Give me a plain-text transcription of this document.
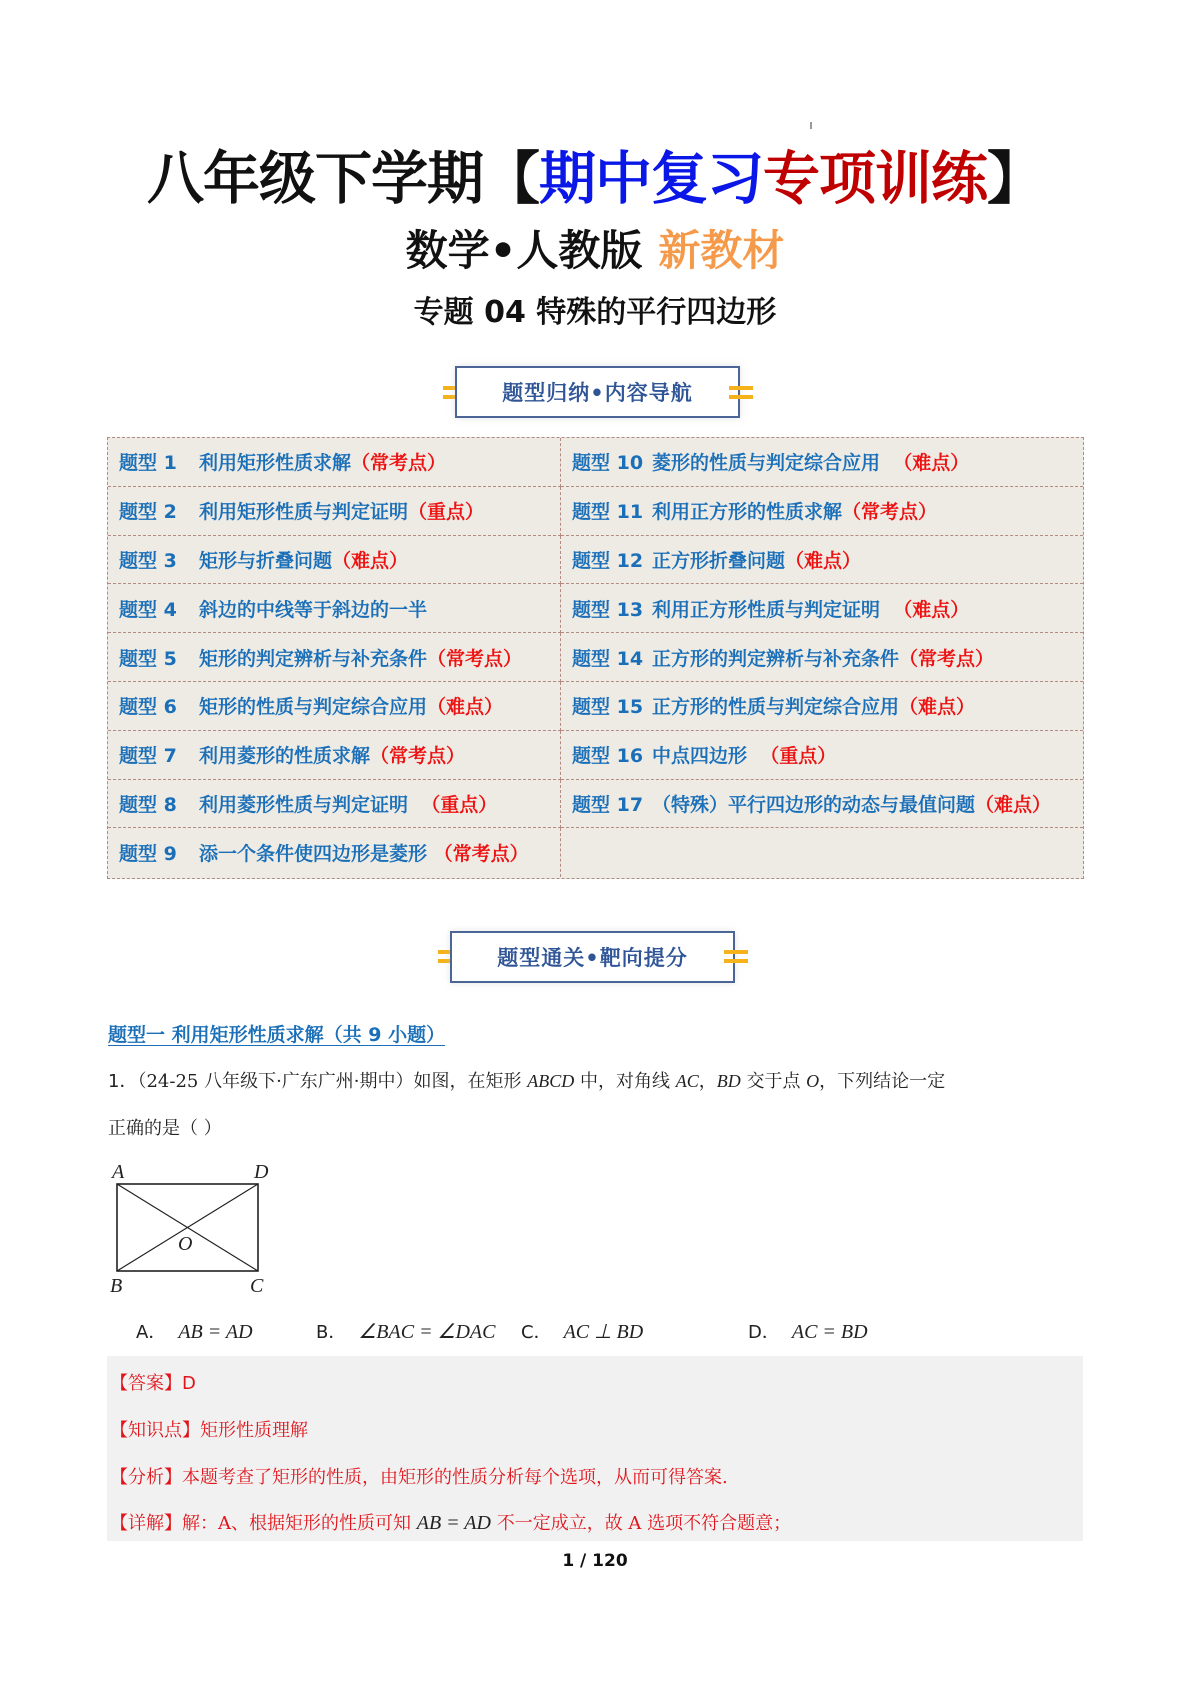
八年级下学期【期中复习专项训练】
数学•人教版 新教材
专题 04 特殊的平行四边形
题型归纳•内容导航
题型 1	利用矩形性质求解 （常考点）	题型 10 菱形的性质与判定综合应用 （难点）
题型 2	利用矩形性质与判定证明 （重点）	题型 11 利用正方形的性质求解 （常考点）
题型 3	矩形与折叠问题 （难点）	题型 12 正方形折叠问题 （难点）
题型 4	斜边的中线等于斜边的一半	题型 13 利用正方形性质与判定证明 （难点）
题型 5	矩形的判定辨析与补充条件 （常考点）	题型 14 正方形的判定辨析与补充条件 （常考点）
题型 6	矩形的性质与判定综合应用 （难点）	题型 15 正方形的性质与判定综合应用 （难点）
题型 7	利用菱形的性质求解 （常考点）	题型 16 中点四边形 （重点）
题型 8	利用菱形性质与判定证明 （重点）	题型 17 （特殊）平行四边形的动态与最值问题 （难点）
题型 9	添一个条件使四边形是菱形 （常考点）
题型通关•靶向提分
题型一 利用矩形性质求解（共 9 小题）
1．（24-25 八年级下·广东广州·期中）如图，在矩形 ABCD 中，对角线 AC，BD 交于点 O，下列结论一定
正确的是（ ）
A	D
O
B	C
A． AB = AD	B． ∠BAC = ∠DAC C． AC ⊥ BD	D． AC = BD
【答案】D
【知识点】矩形性质理解
【分析】本题考查了矩形的性质，由矩形的性质分析每个选项，从而可得答案.
【详解】解：A、根据矩形的性质可知 AB = AD 不一定成立，故 A 选项不符合题意；
1 / 120
